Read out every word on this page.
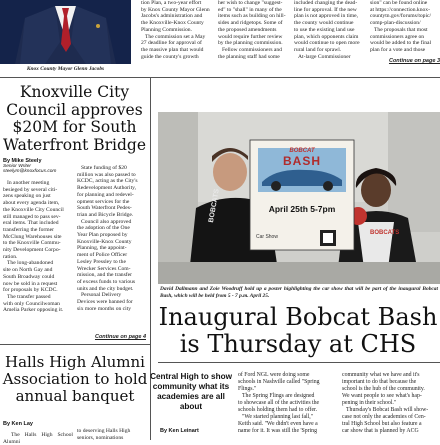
Knox County Mayor Glenn Jacobs

tion Plan, a two-year effort

by Knox County Mayor Glenn

Jacobs's administration and

the Knoxville-Knox County

Planning Commission.

The commission set a May

27 deadline for approval of

the massive plan that would

guide the county's growth

her wish to change "suggest-

ed" to "shall" in many of the

items such as building on hill-

sides and ridgetops. Some of

the proposed amendments

would require further review

by the planning commission.

Fellow commissioners and

the planning staff had some

included changing the dead-

line for approval. If the new

plan is not approved in time,

the county would continue

to use the existing land use

plan, which opponents claim

would continue to open more

rural land for sprawl.

At-large Commissioner

sion" can be found online

at https://connection.knox-

countytn.gov/forums/topic/

comp-plan-discussion/

The proposals that most

commissioners agree on

would be added to the final

plan for a vote and those

Continue on page 3
Knoxville City Council approves $20M for South Waterfront Bridge
By Mike Steely
Senior Writer
steelym@knoxfocus.com

In another meeting

besieged by several citi-

zens speaking on just

about every agenda item,

the Knoxville City Council

still managed to pass sev-

eral items. That included

transferring the former

McClung Warehouses site

to the Knoxville Commu-

nity Development Corpo-

ration.

The long-abandoned

site on North Gay and

South Broadway could

now be sold in a request

for proposals by KCDC.

The transfer passed

with only Councilwoman

Amelia Parker opposing it.

State funding of $20

million was also passed to

KCDC, acting as the City's

Redevelopment Authority,

for planning and redevel-

opment services for the

South Waterfront Pedes-

trian and Bicycle Bridge.

Council also approved

the adoption of the One

Year Plan proposed by

Knoxville-Knox County

Planning, the appoint-

ment of Police Officer

Lesley Pressley to the

Wrecker Services Com-

mission, and the transfer

of excess funds to various

units and the city budget.

Personal Delivery

Devices were banned for

six more months on city

Continue on page 4
Halls High Alumni Association to hold annual banquet
By Ken Lay

The Halls High School Alumni

to deserving Halls High

seniors, nominations

BOBCAT
BASH
April 25th 5-7pm
Car Show
BOBCATS
BOBCATS
David Dallmann and Zoie Woodruff hold up a poster highlighting the car show that will be part of the inaugural Bobcat Bash, which will be held from 5 - 7 p.m. April 25.
Inaugural Bobcat Bash is Thursday at CHS
Central High to show community what its academies are all about
By Ken Leinart

of Ford NGL were doing some

schools in Nashville called "Spring

Flings."

The Spring Flings are designed

to showcase all of the activities the

schools holding them had to offer.

"We started planning last fall,"

Keith said. "We didn't even have a

name for it. It was still the 'Spring

community what we have and it's

important to do that because the

school is the hub of the community.

We want people to see what's hap-

pening in their school."

Thursday's Bobcat Bash will show-

case not only the academies of Cen-

tral High School but also feature a

car show that is planned by ACG
